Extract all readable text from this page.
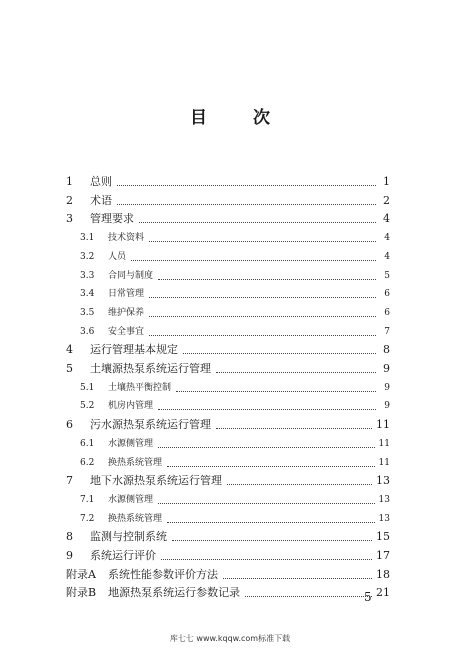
目 次
1	总则	1
2	术语	2
3	管理要求	4
3.1	技术资料	4
3.2	人员	4
3.3	合同与制度	5
3.4	日常管理	6
3.5	维护保养	6
3.6	安全事宜	7
4	运行管理基本规定	8
5	土壤源热泵系统运行管理	9
5.1	土壤热平衡控制	9
5.2	机房内管理	9
6	污水源热泵系统运行管理	11
6.1	水源侧管理	11
6.2	换热系统管理	11
7	地下水源热泵系统运行管理	13
7.1	水源侧管理	13
7.2	换热系统管理	13
8	监测与控制系统	15
9	系统运行评价	17
附录A	系统性能参数评价方法	18
附录B	地源热泵系统运行参数记录	21
5
库七七 www.kqqw.com标准下载
